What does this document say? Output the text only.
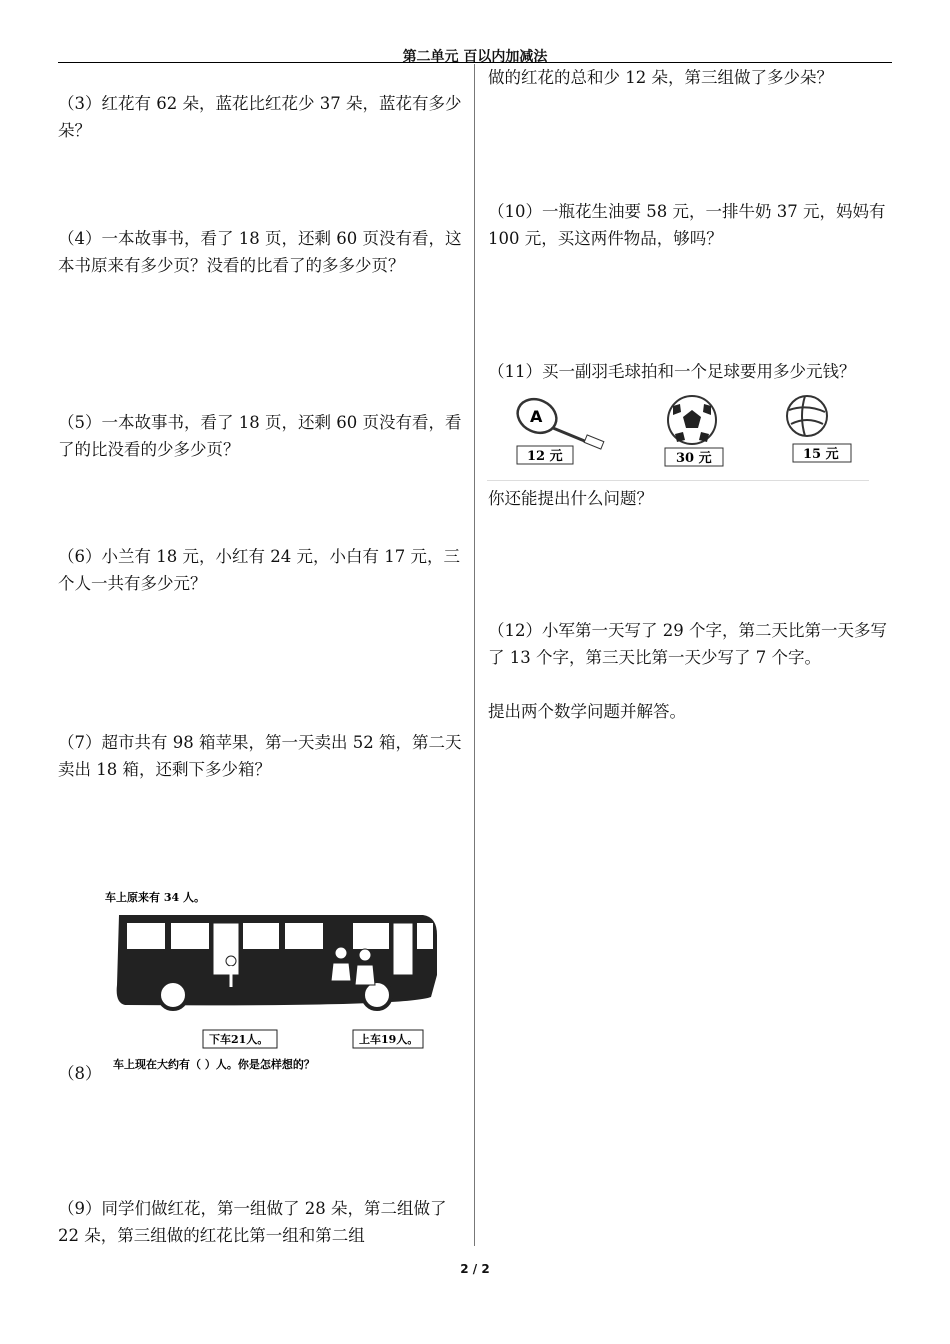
第二单元 百以内加减法

（3）红花有 62 朵，蓝花比红花少 37 朵，蓝花有多少朵？

（4）一本故事书，看了 18 页，还剩 60 页没有看，这本书原来有多少页？没看的比看了的多多少页？

（5）一本故事书，看了 18 页，还剩 60 页没有看，看了的比没看的少多少页？

（6）小兰有 18 元，小红有 24 元，小白有 17 元，三个人一共有多少元？

（7）超市共有 98 箱苹果，第一天卖出 52 箱，第二天卖出 18 箱，还剩下多少箱？

车上原来有 34 人。
下车21人。	上车19人。
车上现在大约有（ ）人。你是怎样想的？

（8）

（9）同学们做红花，第一组做了 28 朵，第二组做了 22 朵，第三组做的红花比第一组和第二组

做的红花的总和少 12 朵，第三组做了多少朵？

（10）一瓶花生油要 58 元，一排牛奶 37 元，妈妈有 100 元，买这两件物品，够吗？

（11）买一副羽毛球拍和一个足球要用多少元钱？

A
12 元	30 元	15 元

你还能提出什么问题？

（12）小军第一天写了 29 个字，第二天比第一天多写了 13 个字，第三天比第一天少写了 7 个字。

提出两个数学问题并解答。

2 / 2
